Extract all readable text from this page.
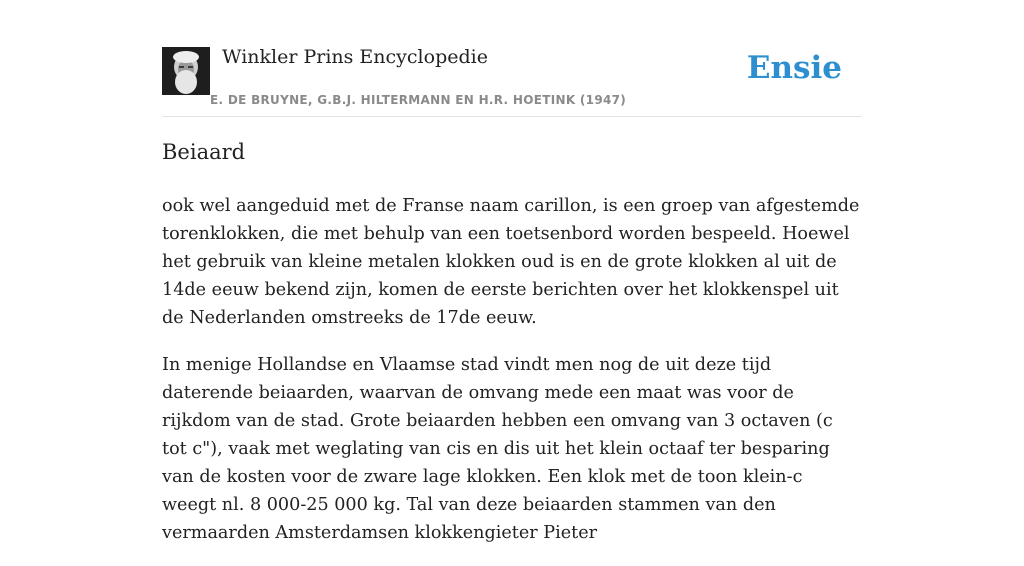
Winkler Prins Encyclopedie
E. DE BRUYNE, G.B.J. HILTERMANN EN H.R. HOETINK (1947)
Ensie
Beiaard

ook wel aangeduid met de Franse naam carillon, is een groep van afgestemde torenklokken, die met behulp van een toetsenbord worden bespeeld. Hoewel het gebruik van kleine metalen klokken oud is en de grote klokken al uit de 14de eeuw bekend zijn, komen de eerste berichten over het klokkenspel uit de Nederlanden omstreeks de 17de eeuw.

In menige Hollandse en Vlaamse stad vindt men nog de uit deze tijd daterende beiaarden, waarvan de omvang mede een maat was voor de rijkdom van de stad. Grote beiaarden hebben een omvang van 3 octaven (c tot c"), vaak met weglating van cis en dis uit het klein octaaf ter besparing van de kosten voor de zware lage klokken. Een klok met de toon klein-c weegt nl. 8 000-25 000 kg. Tal van deze beiaarden stammen van den vermaarden Amsterdamsen klokkengieter Pieter
